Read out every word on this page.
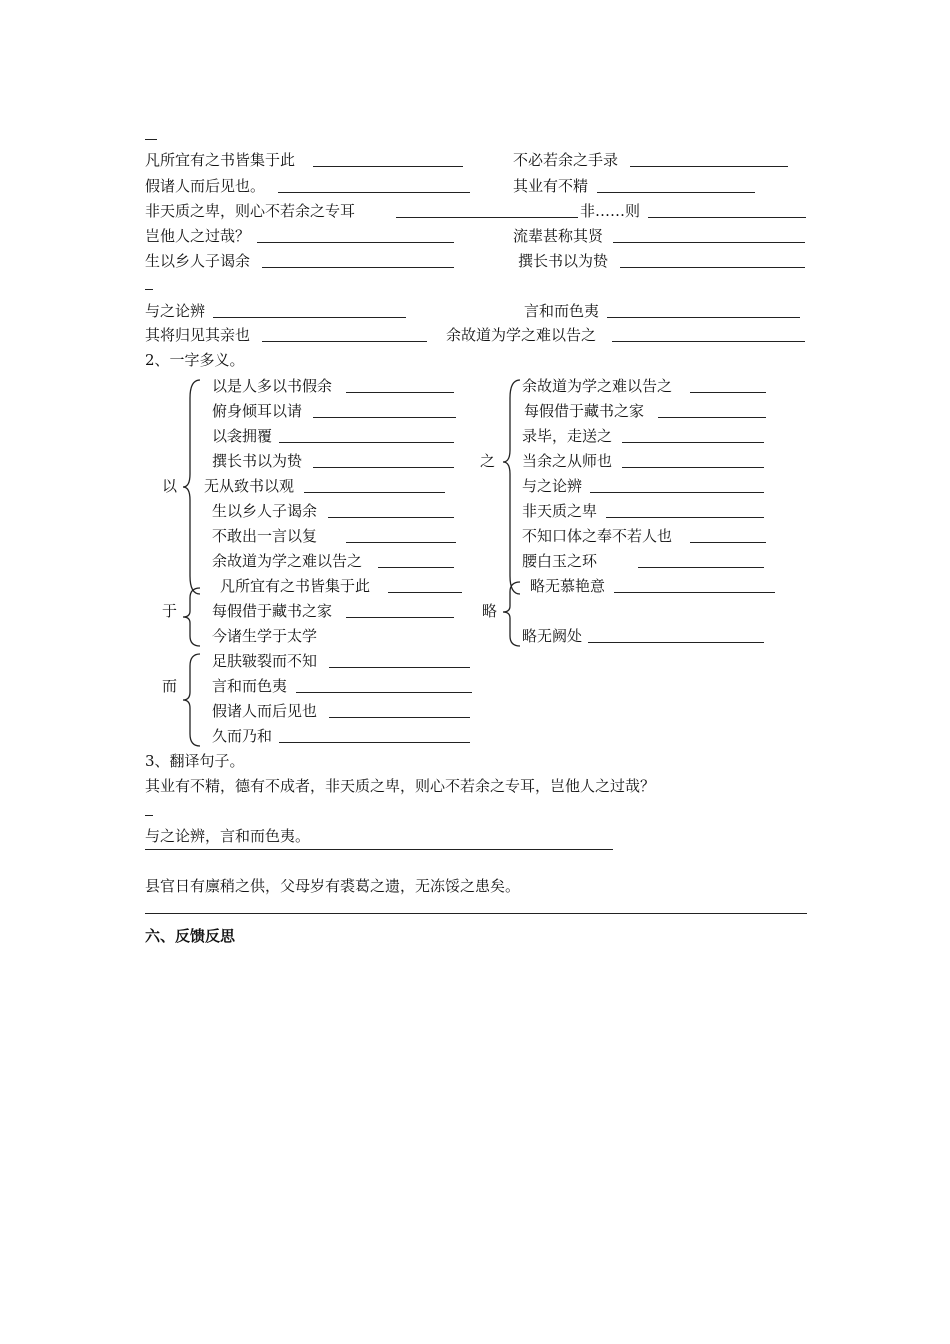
凡所宜有之书皆集于此	不必若余之手录
假诸人而后见也。	其业有不精
非天质之卑，则心不若余之专耳	非……则
岂他人之过哉？	流辈甚称其贤
生以乡人子谒余	撰长书以为贽
与之论辨	言和而色夷
其将归见其亲也	余故道为学之难以告之
2、一字多义。
以
以是人多以书假余
俯身倾耳以请
以衾拥覆
撰长书以为贽
无从致书以观
生以乡人子谒余
不敢出一言以复
余故道为学之难以告之
于
凡所宜有之书皆集于此
每假借于藏书之家
今诸生学于太学
而
足肤皲裂而不知
言和而色夷
假诸人而后见也
久而乃和
之
余故道为学之难以告之
每假借于藏书之家
录毕，走送之
当余之从师也
与之论辨
非天质之卑
不知口体之奉不若人也
腰白玉之环
略
略无慕艳意
略无阙处
3、翻译句子。
其业有不精，德有不成者，非天质之卑，则心不若余之专耳，岂他人之过哉？
与之论辨，言和而色夷。
县官日有廪稍之供，父母岁有裘葛之遗，无冻馁之患矣。
六、反馈反思
